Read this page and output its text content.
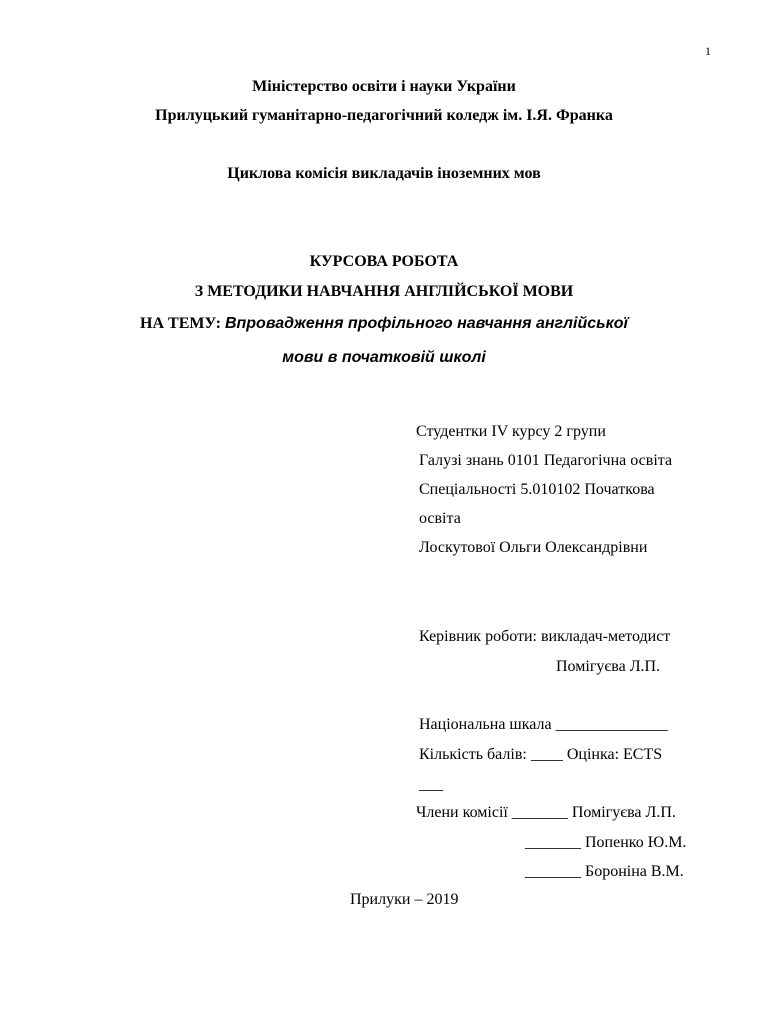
1
Міністерство освіти і науки України
Прилуцький гуманітарно-педагогічний коледж ім. І.Я. Франка
Циклова комісія викладачів іноземних мов
КУРСОВА РОБОТА
З МЕТОДИКИ НАВЧАННЯ АНГЛІЙСЬКОЇ МОВИ
НА ТЕМУ: Впровадження профільного навчання англійської
мови в початковій школі
Студентки IV курсу 2 групи
Галузі знань 0101 Педагогічна освіта
Спеціальності 5.010102 Початкова
освіта
Лоскутової Ольги Олександрівни
Керівник роботи: викладач-методист
Помігуєва Л.П.
Національна шкала ______________
Кількість балів: ____ Оцінка: ECTS
___
Члени комісії _______ Помігуєва Л.П.
_______ Попенко Ю.М.
_______ Бороніна В.М.
Прилуки – 2019
